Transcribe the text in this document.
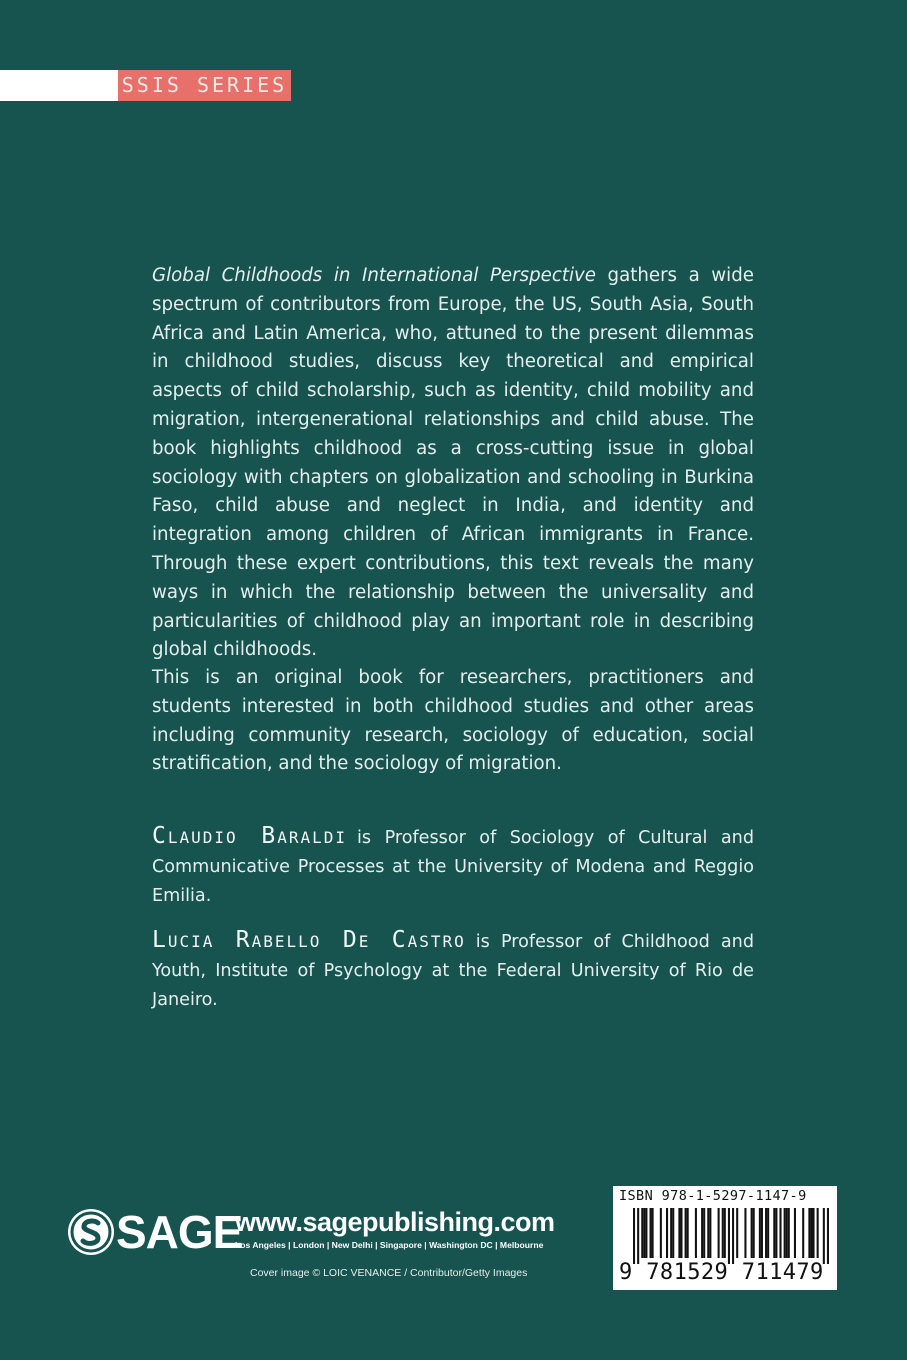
SSIS SERIES

Global Childhoods in International Perspective gathers a wide spectrum of contributors from Europe, the US, South Asia, South Africa and Latin America, who, attuned to the present dilemmas in childhood studies, discuss key theoretical and empirical aspects of child scholarship, such as identity, child mobility and migration, intergenerational relationships and child abuse. The book highlights childhood as a cross-cutting issue in global sociology with chapters on globalization and schooling in Burkina Faso, child abuse and neglect in India, and identity and integration among children of African immigrants in France. Through these expert contributions, this text reveals the many ways in which the relationship between the universality and particularities of childhood play an important role in describing global childhoods.

This is an original book for researchers, practitioners and students interested in both childhood studies and other areas including community research, sociology of education, social stratification, and the sociology of migration.

Claudio Baraldi is Professor of Sociology of Cultural and Communicative Processes at the University of Modena and Reggio Emilia.

Lucia Rabello De Castro is Professor of Childhood and Youth, Institute of Psychology at the Federal University of Rio de Janeiro.

SAGE
www.sagepublishing.com
Los Angeles | London | New Delhi | Singapore | Washington DC | Melbourne
Cover image © LOIC VENANCE / Contributor/Getty Images
ISBN 978-1-5297-1147-9
9 781529 711479
